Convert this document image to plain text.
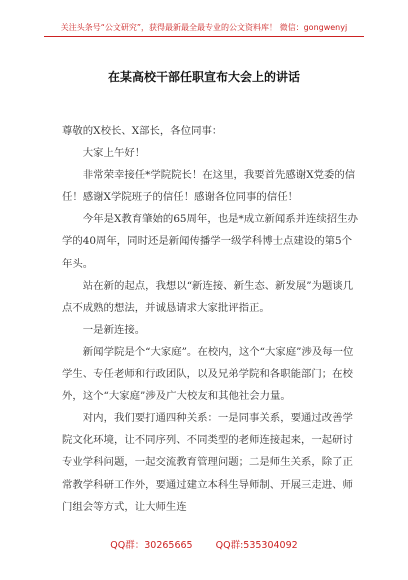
关注头条号“公文研究”，获得最新最全最专业的公文资料库！ 微信：gongwenyj
在某高校干部任职宣布大会上的讲话

尊敬的X校长、X部长，各位同事：

大家上午好！

非常荣幸接任*学院院长！在这里，我要首先感谢X党委的信任！感谢X学院班子的信任！感谢各位同事的信任！

今年是X教育肇始的65周年，也是*成立新闻系并连续招生办学的40周年，同时还是新闻传播学一级学科博士点建设的第5个年头。

站在新的起点，我想以“新连接、新生态、新发展”为题谈几点不成熟的想法，并诚恳请求大家批评指正。

一是新连接。

新闻学院是个“大家庭”。在校内，这个“大家庭”涉及每一位学生、专任老师和行政团队，以及兄弟学院和各职能部门；在校外，这个“大家庭”涉及广大校友和其他社会力量。

对内，我们要打通四种关系：一是同事关系，要通过改善学院文化环境，让不同序列、不同类型的老师连接起来，一起研讨专业学科问题，一起交流教育管理问题；二是师生关系，除了正常教学科研工作外，要通过建立本科生导师制、开展三走进、师门组会等方式，让大师生连

QQ群：30265665 QQ群:535304092
